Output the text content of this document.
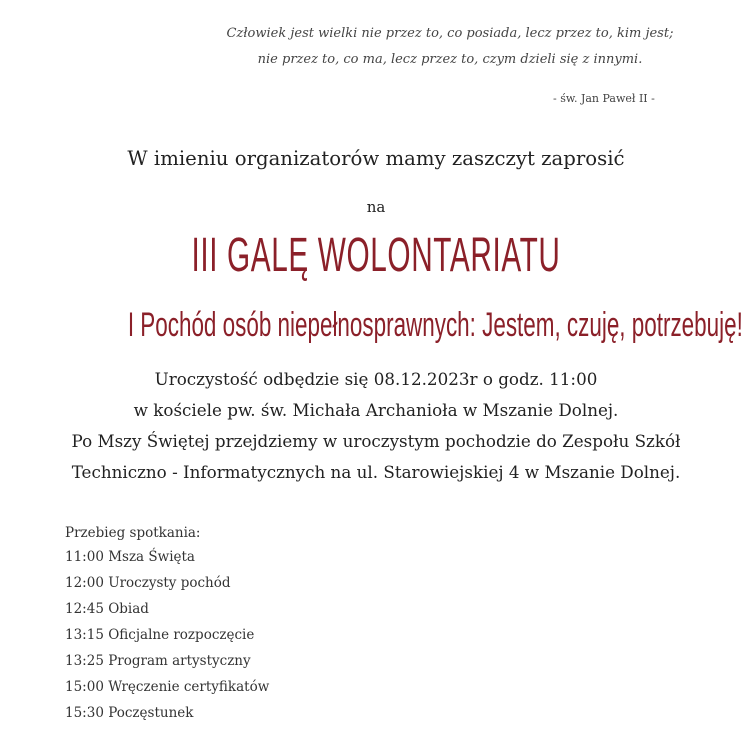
Człowiek jest wielki nie przez to, co posiada, lecz przez to, kim jest;
nie przez to, co ma, lecz przez to, czym dzieli się z innymi.
- św. Jan Paweł II -
W imieniu organizatorów mamy zaszczyt zaprosić
na
III GALĘ WOLONTARIATU
I Pochód osób niepełnosprawnych: Jestem, czuję, potrzebuję!
Uroczystość odbędzie się 08.12.2023r o godz. 11:00
w kościele pw. św. Michała Archanioła w Mszanie Dolnej.
Po Mszy Świętej przejdziemy w uroczystym pochodzie do Zespołu Szkół
Techniczno - Informatycznych na ul. Starowiejskiej 4 w Mszanie Dolnej.
Przebieg spotkania:
11:00 Msza Święta
12:00 Uroczysty pochód
12:45 Obiad
13:15 Oficjalne rozpoczęcie
13:25 Program artystyczny
15:00 Wręczenie certyfikatów
15:30 Poczęstunek
